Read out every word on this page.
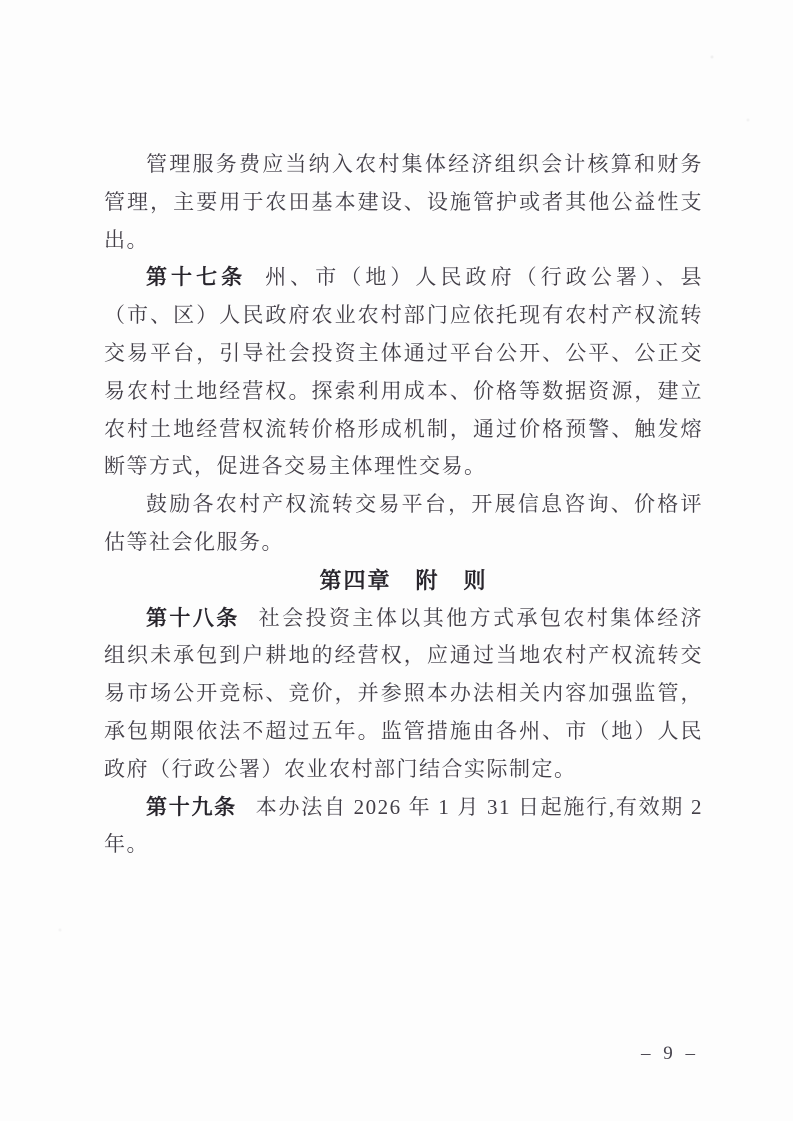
管理服务费应当纳入农村集体经济组织会计核算和财务管理，主要用于农田基本建设、设施管护或者其他公益性支出。

第十七条 州、市（地）人民政府（行政公署）、县（市、区）人民政府农业农村部门应依托现有农村产权流转交易平台，引导社会投资主体通过平台公开、公平、公正交易农村土地经营权。探索利用成本、价格等数据资源，建立农村土地经营权流转价格形成机制，通过价格预警、触发熔断等方式，促进各交易主体理性交易。

鼓励各农村产权流转交易平台，开展信息咨询、价格评估等社会化服务。

第四章　附　则

第十八条 社会投资主体以其他方式承包农村集体经济组织未承包到户耕地的经营权，应通过当地农村产权流转交易市场公开竞标、竞价，并参照本办法相关内容加强监管，承包期限依法不超过五年。监管措施由各州、市（地）人民政府（行政公署）农业农村部门结合实际制定。

第十九条 本办法自 2026 年 1 月 31 日起施行,有效期 2 年。

– 9 –
